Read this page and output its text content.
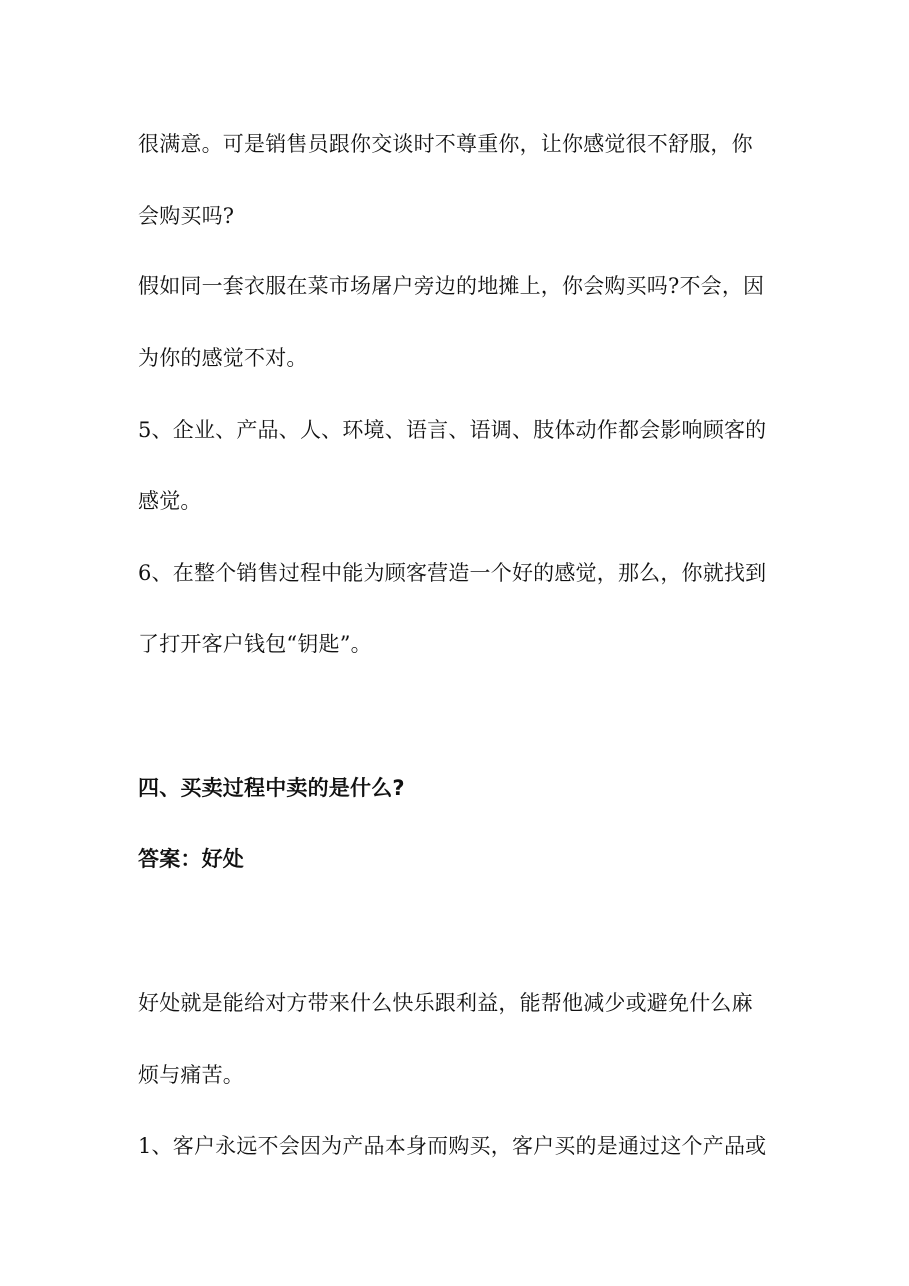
很满意。可是销售员跟你交谈时不尊重你，让你感觉很不舒服，你
会购买吗?
假如同一套衣服在菜市场屠户旁边的地摊上，你会购买吗?不会，因
为你的感觉不对。
5、企业、产品、人、环境、语言、语调、肢体动作都会影响顾客的
感觉。
6、在整个销售过程中能为顾客营造一个好的感觉，那么，你就找到
了打开客户钱包“钥匙”。
四、买卖过程中卖的是什么?
答案：好处
好处就是能给对方带来什么快乐跟利益，能帮他减少或避免什么麻
烦与痛苦。
1、客户永远不会因为产品本身而购买，客户买的是通过这个产品或
